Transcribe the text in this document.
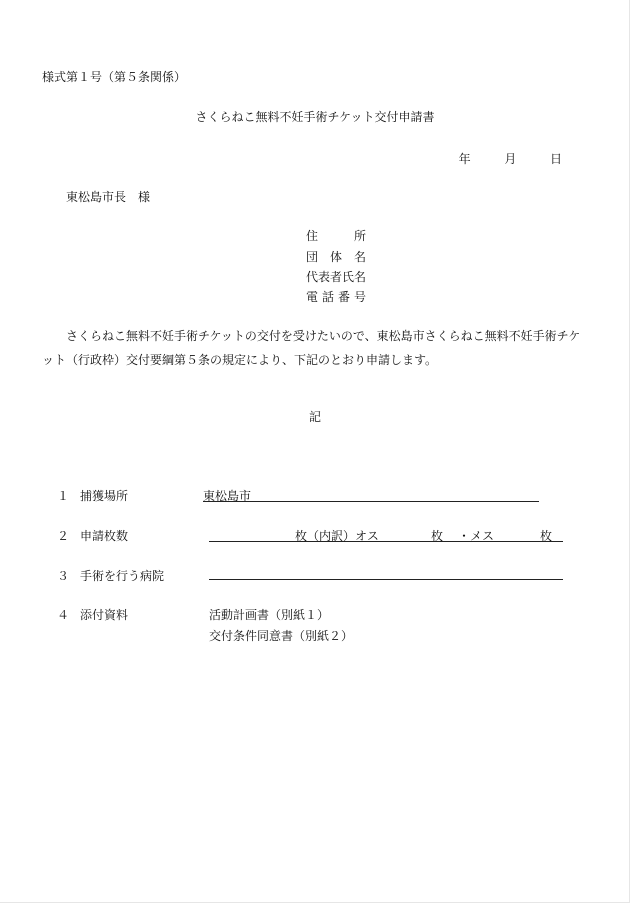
様式第１号（第５条関係）
さくらねこ無料不妊手術チケット交付申請書
年	月	日
東松島市長　様
住	所
団 体 名
代表者氏名
電 話 番 号
さくらねこ無料不妊手術チケットの交付を受けたいので、東松島市さくらねこ無料不妊手術チケット（行政枠）交付要綱第５条の規定により、下記のとおり申請します。
記
１ 捕獲場所	東松島市
２ 申請枚数	枚（内訳）オス	枚 ・メス	枚
３ 手術を行う病院
４ 添付資料	活動計画書（別紙１）
交付条件同意書（別紙２）
